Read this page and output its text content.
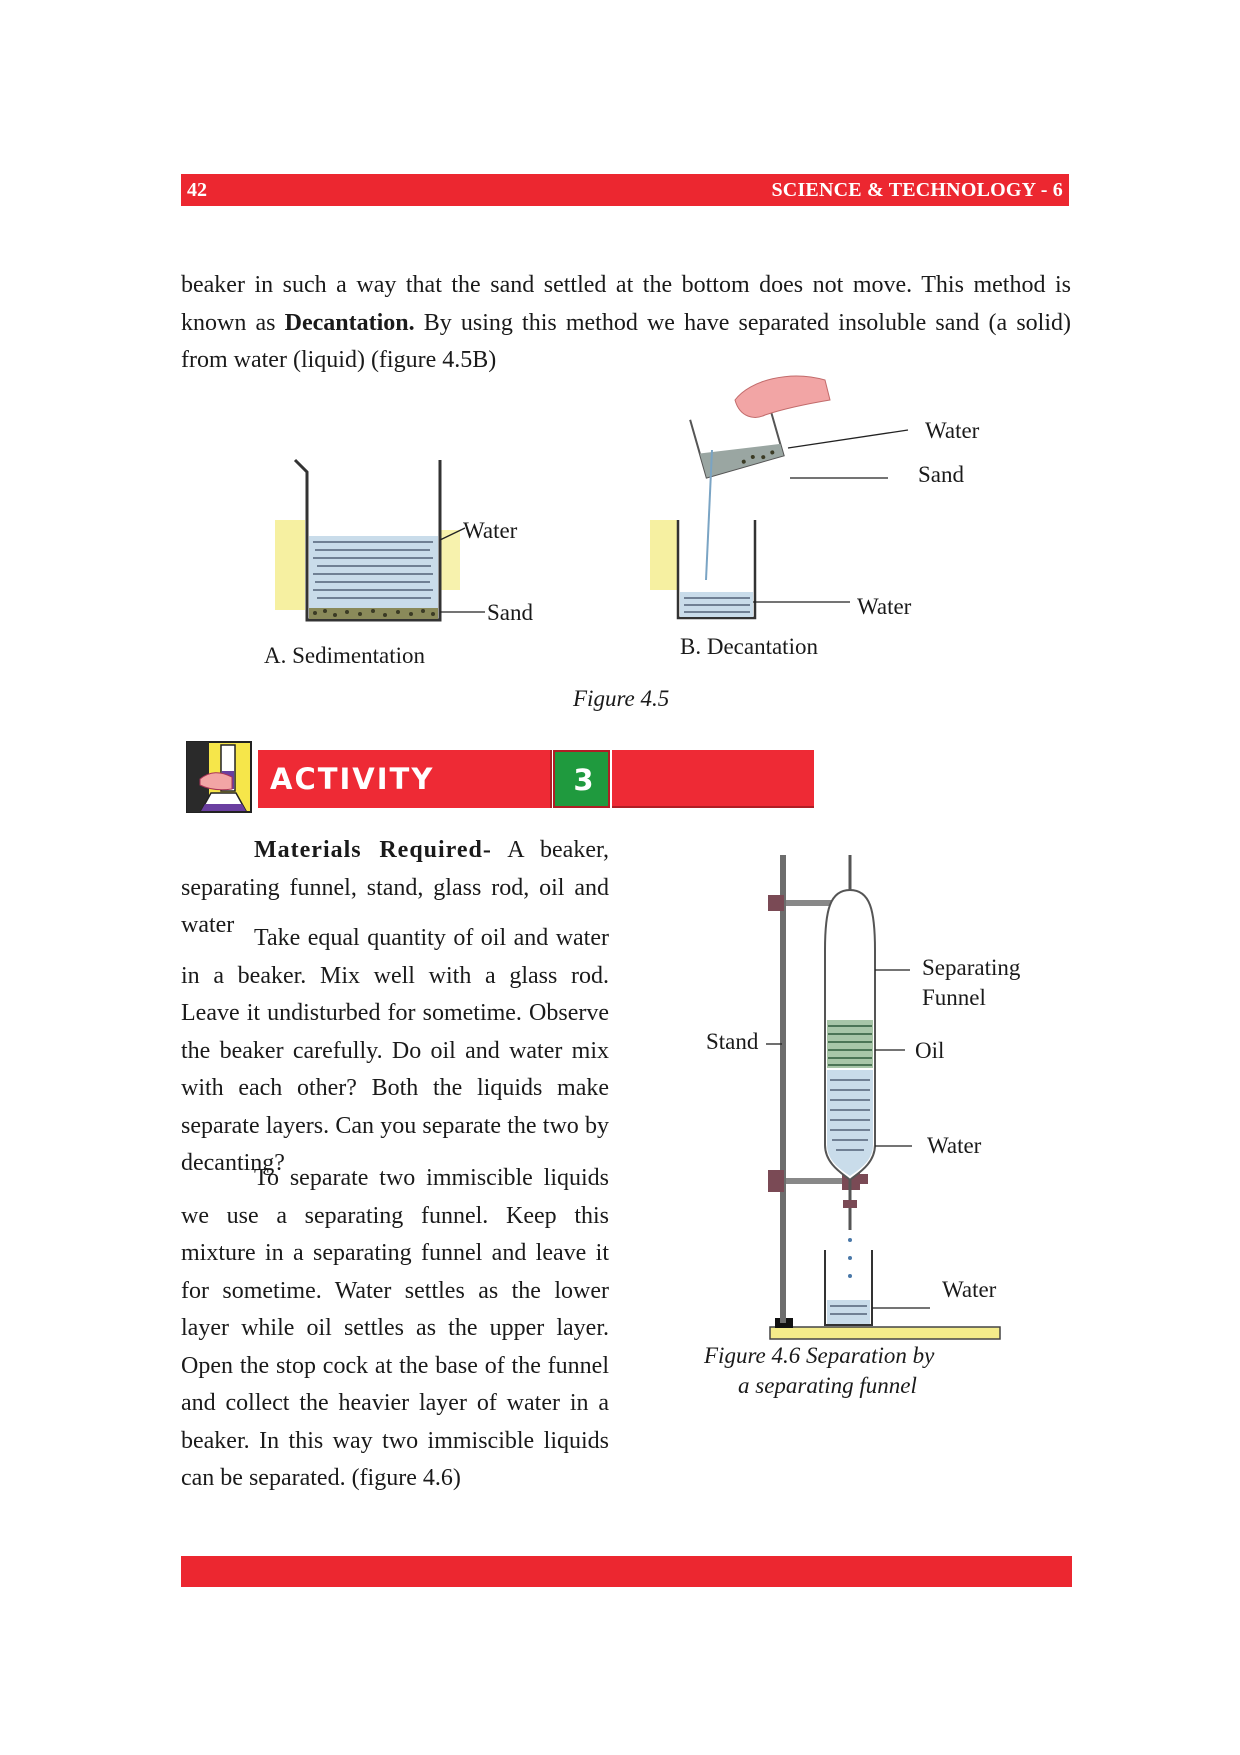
42	SCIENCE & TECHNOLOGY - 6

beaker in such a way that the sand settled at the bottom does not move. This method is known as Decantation. By using this method we have separated insoluble sand (a solid) from water (liquid) (figure 4.5B)

Water
Sand
A. Sedimentation
Water
Sand
Water
B. Decantation
Figure 4.5
ACTIVITY	3

Materials Required- A beaker, separating funnel, stand, glass rod, oil and water Take equal quantity of oil and water in a beaker. Mix well with a glass rod. Leave it undisturbed for sometime. Observe the beaker carefully. Do oil and water mix with each other? Both the liquids make separate layers. Can you separate the two by decanting?

To separate two immiscible liquids we use a separating funnel. Keep this mixture in a separating funnel and leave it for sometime. Water settles as the lower layer while oil settles as the upper layer. Open the stop cock at the base of the funnel and collect the heavier layer of water in a beaker. In this way two immiscible liquids can be separated. (figure 4.6)

Separating
Funnel
Stand	Oil
Water
Water
Figure 4.6 Separation by
a separating funnel
